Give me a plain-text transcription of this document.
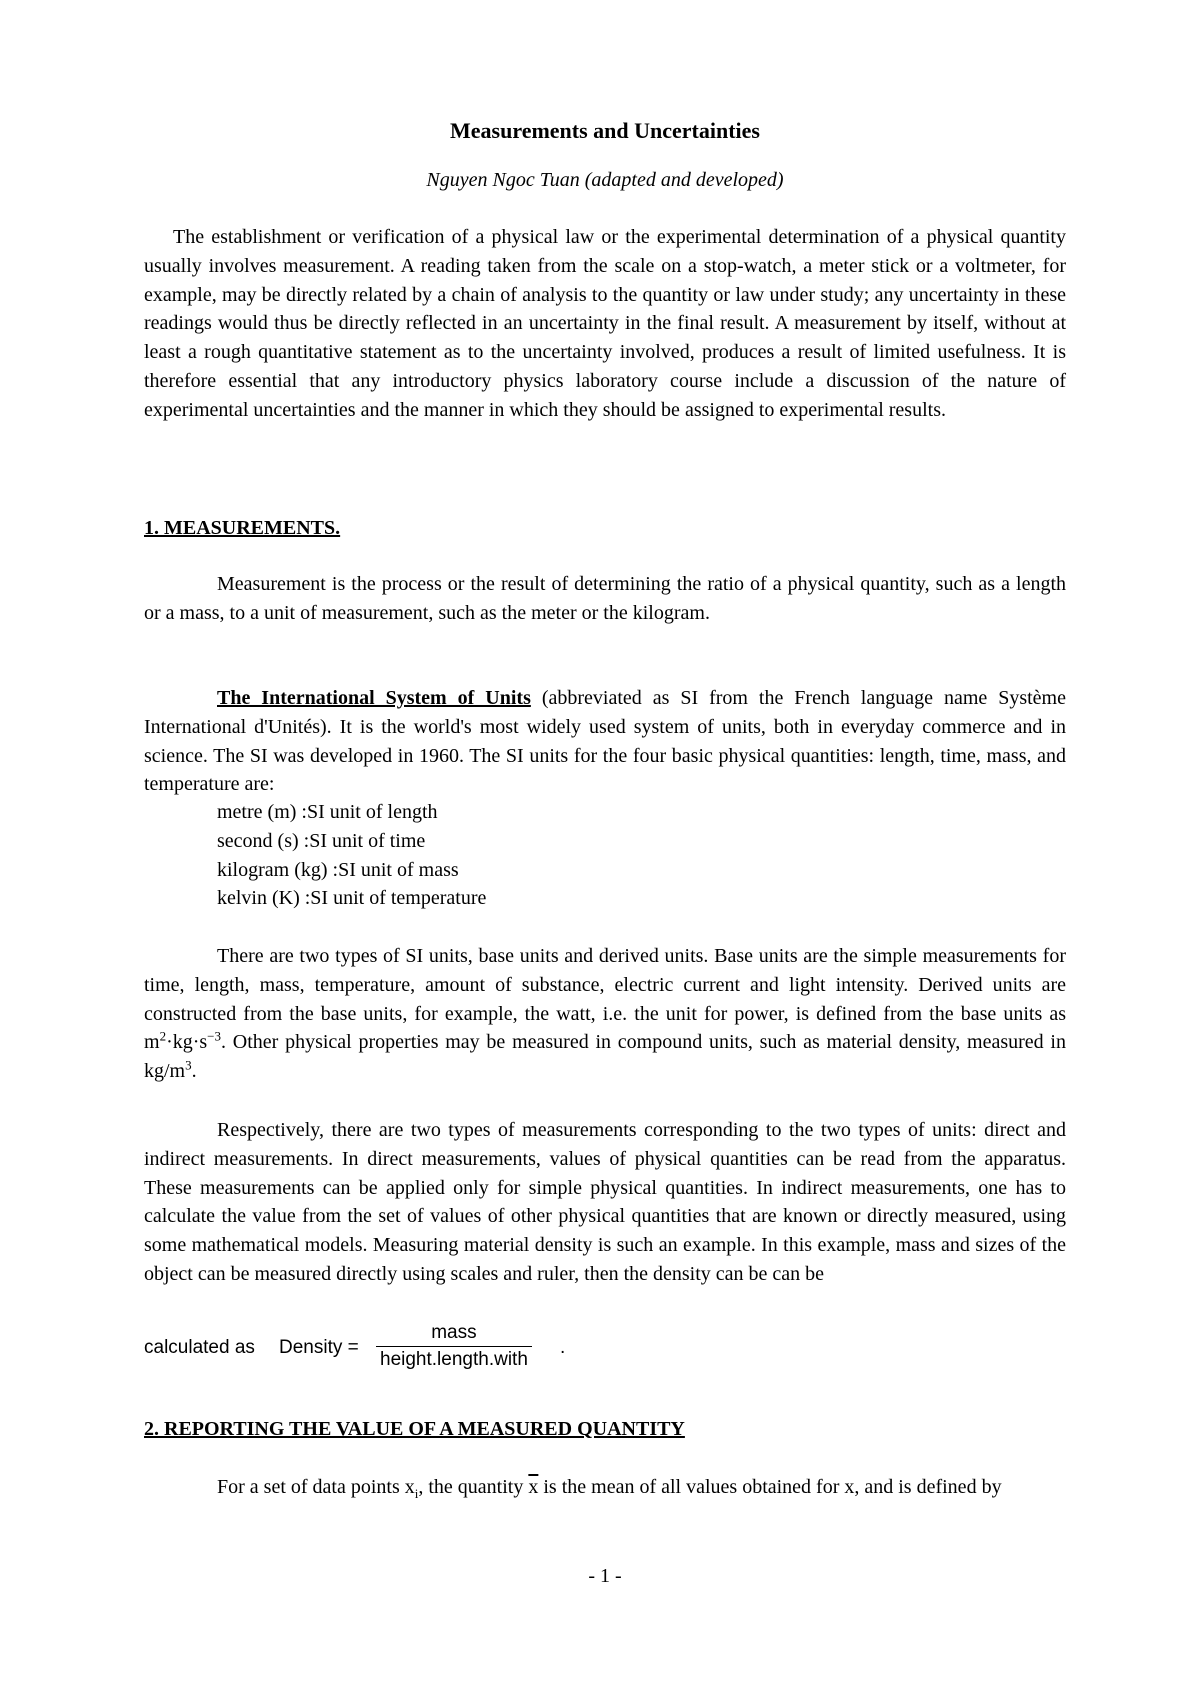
Measurements and Uncertainties

Nguyen Ngoc Tuan (adapted and developed)

The establishment or verification of a physical law or the experimental determination of a physical quantity usually involves measurement. A reading taken from the scale on a stop-watch, a meter stick or a voltmeter, for example, may be directly related by a chain of analysis to the quantity or law under study; any uncertainty in these readings would thus be directly reflected in an uncertainty in the final result. A measurement by itself, without at least a rough quantitative statement as to the uncertainty involved, produces a result of limited usefulness. It is therefore essential that any introductory physics laboratory course include a discussion of the nature of experimental uncertainties and the manner in which they should be assigned to experimental results.

1. MEASUREMENTS.

Measurement is the process or the result of determining the ratio of a physical quantity, such as a length or a mass, to a unit of measurement, such as the meter or the kilogram.

The International System of Units (abbreviated as SI from the French language name Système International d'Unités). It is the world's most widely used system of units, both in everyday commerce and in science. The SI was developed in 1960. The SI units for the four basic physical quantities: length, time, mass, and temperature are:

metre (m) :SI unit of length
second (s) :SI unit of time
kilogram (kg) :SI unit of mass
kelvin (K) :SI unit of temperature

There are two types of SI units, base units and derived units. Base units are the simple measurements for time, length, mass, temperature, amount of substance, electric current and light intensity. Derived units are constructed from the base units, for example, the watt, i.e. the unit for power, is defined from the base units as $m^2\cdot kg\cdot s^{-3}$. Other physical properties may be measured in compound units, such as material density, measured in $kg/m^3$.

Respectively, there are two types of measurements corresponding to the two types of units: direct and indirect measurements. In direct measurements, values of physical quantities can be read from the apparatus. These measurements can be applied only for simple physical quantities. In indirect measurements, one has to calculate the value from the set of values of other physical quantities that are known or directly measured, using some mathematical models. Measuring material density is such an example. In this example, mass and sizes of the object can be measured directly using scales and ruler, then the density can be can be

calculated as Density =
mass
height.length.with
.

2. REPORTING THE VALUE OF A MEASURED QUANTITY

For a set of data points $x_i$, the quantity $\overline{x}$ is the mean of all values obtained for x, and is defined by

- 1 -
